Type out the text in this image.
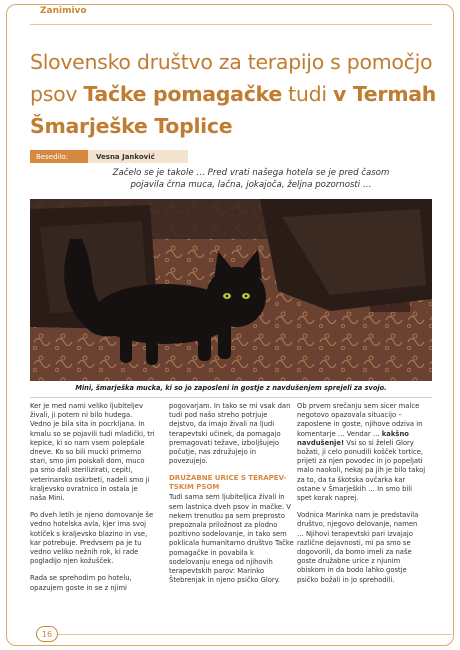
Zanimivo
Slovensko društvo za terapijo s pomočjo psov Tačke pomagačke tudi v Termah Šmarješke Toplice
Besedilo:	Vesna Janković

Začelo se je takole … Pred vrati našega hotela se je pred časom pojavila črna muca, lačna, jokajoča, željna pozornosti …

Mini, šmarješka mucka, ki so jo zaposleni in gostje z navdušenjem sprejeli za svojo.

Ker je med nami veliko ljubiteljev živali, ji potem ni bilo hudega. Vedno je bila sita in pocrkljana. In kmalu so se pojavili tudi mladički, tri kepice, ki so nam vsem polepšale dneve. Ko so bili mucki primerno stari, smo jim poiskali dom, muco pa smo dali sterilizirati, cepiti, veterinarsko oskrbeti, nadeli smo ji kraljevsko ovratnico in ostala je naša Mini.

Po dveh letih je njeno domovanje še vedno hotelska avla, kjer ima svoj kotiček s kraljevsko blazino in vse, kar potrebuje. Predvsem pa je tu vedno veliko nežnih rok, ki rade pogladijo njen kožušček.

Rada se sprehodim po hotelu, opazujem goste in se z njimi

pogovarjam. In tako se mi vsak dan tudi pod našo streho potrjuje dejstvo, da imajo živali na ljudi terapevtski učinek, da pomagajo premagovati težave, izboljšujejo počutje, nas združujejo in povezujejo.

DRUŽABNE URICE S TERAPEV-TSKIM PSOM

Tudi sama sem ljubiteljica živali in sem lastnica dveh psov in mačke. V nekem trenutku pa sem preprosto prepoznala priložnost za plodno pozitivno sodelovanje, in tako sem poklicala humanitarno društvo Tačke pomagačke in povabila k sodelovanju enega od njihovih terapevtskih parov: Marinko Štebrenjak in njeno psičko Glory.

Ob prvem srečanju sem sicer malce negotovo opazovala situacijo – zaposlene in goste, njihove odziva in komentarje … Vendar … kakšno navdušenje! Vsi so si želeli Glory božati, ji celo ponudili košček tortice, prijeti za njen povodec in jo popeljati malo naokoli, nekaj pa jih je bilo takoj za to, da ta škotska ovčarka kar ostane v Šmarjeških … In smo bili spet korak naprej.

Vodnica Marinka nam je predstavila društvo, njegovo delovanje, namen … Njihovi terapevtski pari izvajajo različne dejavnosti, mi pa smo se dogovorili, da bomo imeli za naše goste družabne urice z njunim obiskom in da bodo lahko gostje psičko božali in jo sprehodili.

16
